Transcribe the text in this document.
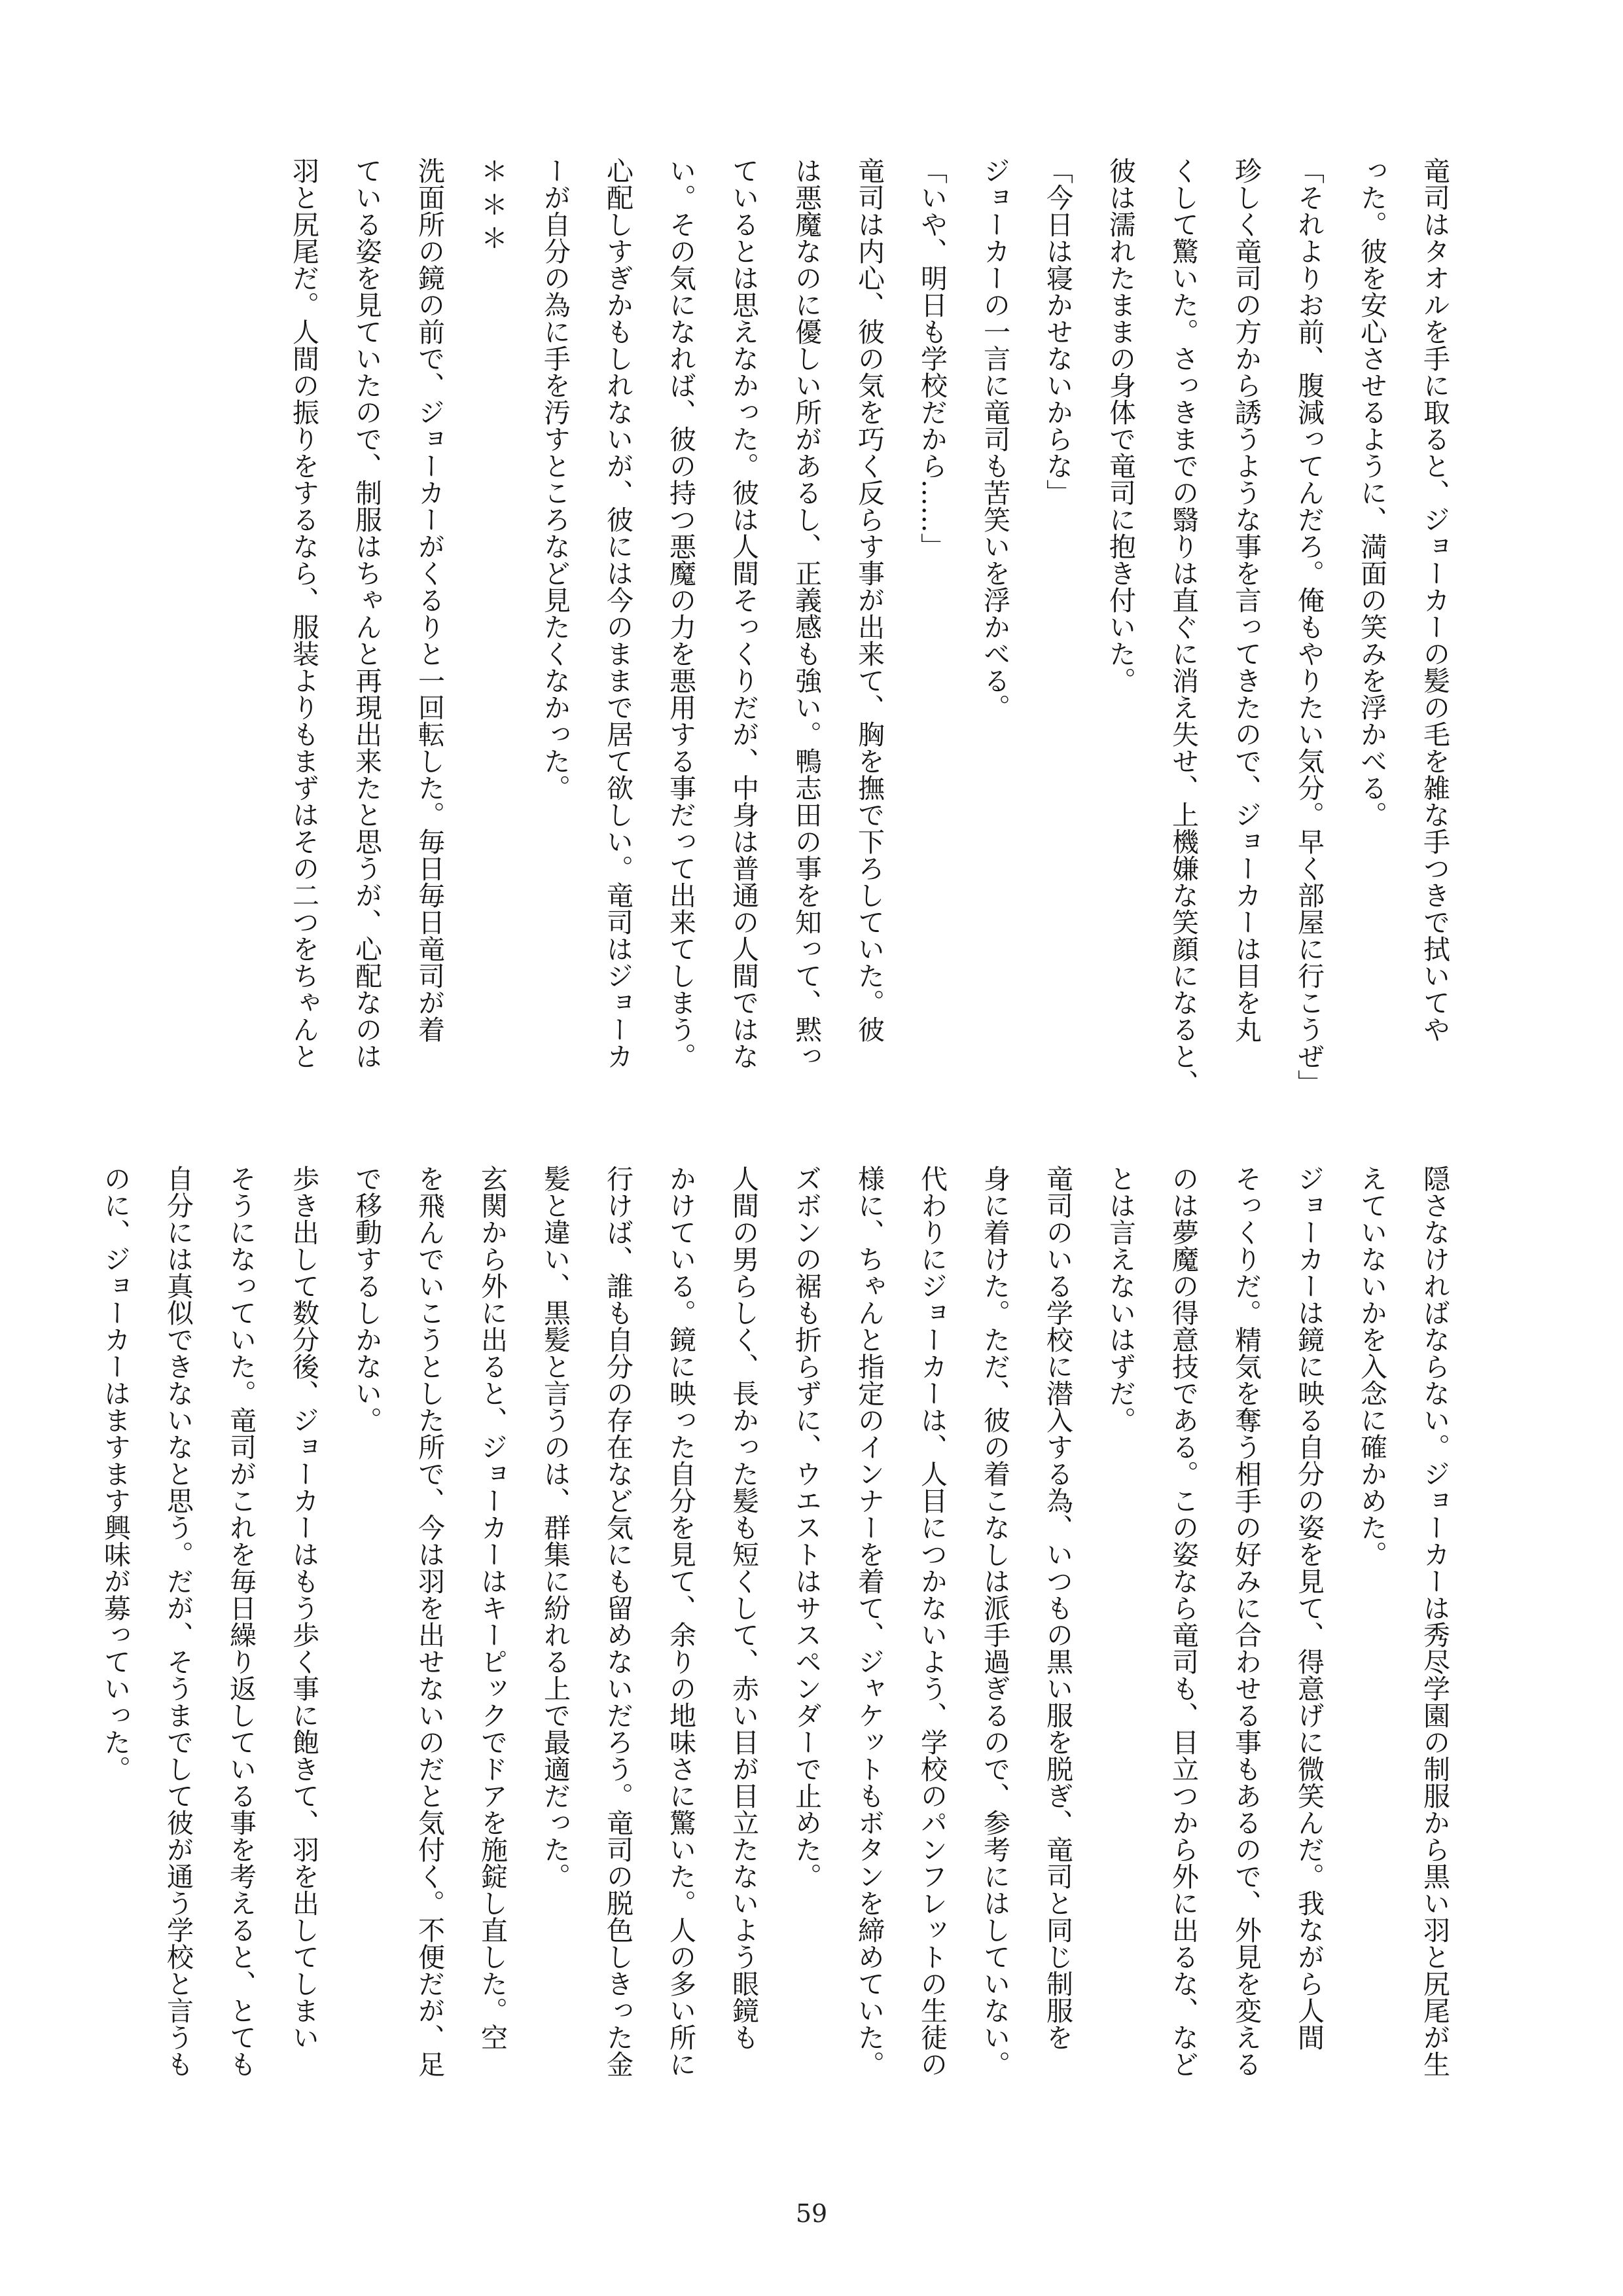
竜司はタオルを手に取ると、ジョーカーの髪の毛を雑な手つきで拭いてや

った。彼を安心させるように、満面の笑みを浮かべる。

「それよりお前、腹減ってんだろ。俺もやりたい気分。早く部屋に行こうぜ」

珍しく竜司の方から誘うような事を言ってきたので、ジョーカーは目を丸

くして驚いた。さっきまでの翳りは直ぐに消え失せ、上機嫌な笑顔になると、

彼は濡れたままの身体で竜司に抱き付いた。

「今日は寝かせないからな」

ジョーカーの一言に竜司も苦笑いを浮かべる。

「いや、明日も学校だから……」

竜司は内心、彼の気を巧く反らす事が出来て、胸を撫で下ろしていた。彼

は悪魔なのに優しい所があるし、正義感も強い。鴨志田の事を知って、黙っ

ているとは思えなかった。彼は人間そっくりだが、中身は普通の人間ではな

い。その気になれば、彼の持つ悪魔の力を悪用する事だって出来てしまう。

心配しすぎかもしれないが、彼には今のままで居て欲しい。竜司はジョーカ

ーが自分の為に手を汚すところなど見たくなかった。

＊＊＊

洗面所の鏡の前で、ジョーカーがくるりと一回転した。毎日毎日竜司が着

ている姿を見ていたので、制服はちゃんと再現出来たと思うが、心配なのは

羽と尻尾だ。人間の振りをするなら、服装よりもまずはその二つをちゃんと

隠さなければならない。ジョーカーは秀尽学園の制服から黒い羽と尻尾が生

えていないかを入念に確かめた。

ジョーカーは鏡に映る自分の姿を見て、得意げに微笑んだ。我ながら人間

そっくりだ。精気を奪う相手の好みに合わせる事もあるので、外見を変える

のは夢魔の得意技である。この姿なら竜司も、目立つから外に出るな、など

とは言えないはずだ。

竜司のいる学校に潜入する為、いつもの黒い服を脱ぎ、竜司と同じ制服を

身に着けた。ただ、彼の着こなしは派手過ぎるので、参考にはしていない。

代わりにジョーカーは、人目につかないよう、学校のパンフレットの生徒の

様に、ちゃんと指定のインナーを着て、ジャケットもボタンを締めていた。

ズボンの裾も折らずに、ウエストはサスペンダーで止めた。

人間の男らしく、長かった髪も短くして、赤い目が目立たないよう眼鏡も

かけている。鏡に映った自分を見て、余りの地味さに驚いた。人の多い所に

行けば、誰も自分の存在など気にも留めないだろう。竜司の脱色しきった金

髪と違い、黒髪と言うのは、群集に紛れる上で最適だった。

玄関から外に出ると、ジョーカーはキーピックでドアを施錠し直した。空

を飛んでいこうとした所で、今は羽を出せないのだと気付く。不便だが、足

で移動するしかない。

歩き出して数分後、ジョーカーはもう歩く事に飽きて、羽を出してしまい

そうになっていた。竜司がこれを毎日繰り返している事を考えると、とても

自分には真似できないなと思う。だが、そうまでして彼が通う学校と言うも

のに、ジョーカーはますます興味が募っていった。

59
